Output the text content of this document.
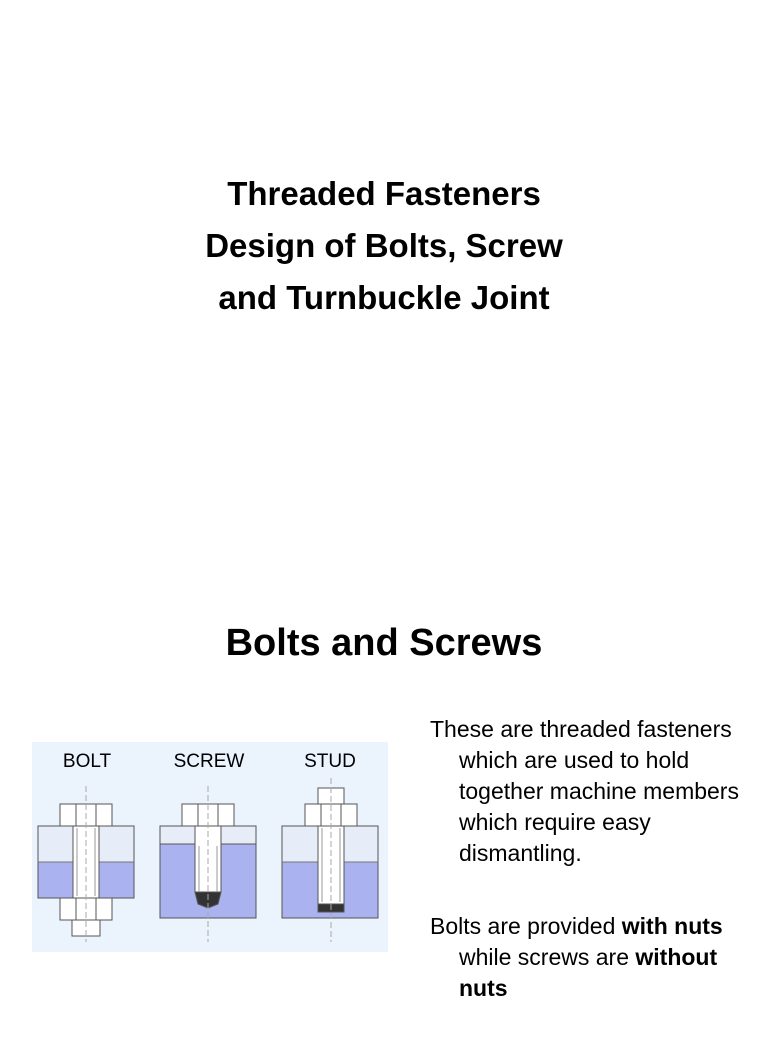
Threaded Fasteners
Design of Bolts, Screw
and Turnbuckle Joint
Bolts and Screws
BOLT	SCREW	STUD

These are threaded fasteners which are used to hold together machine members which require easy dismantling.

Bolts are provided with nuts while screws are without nuts
